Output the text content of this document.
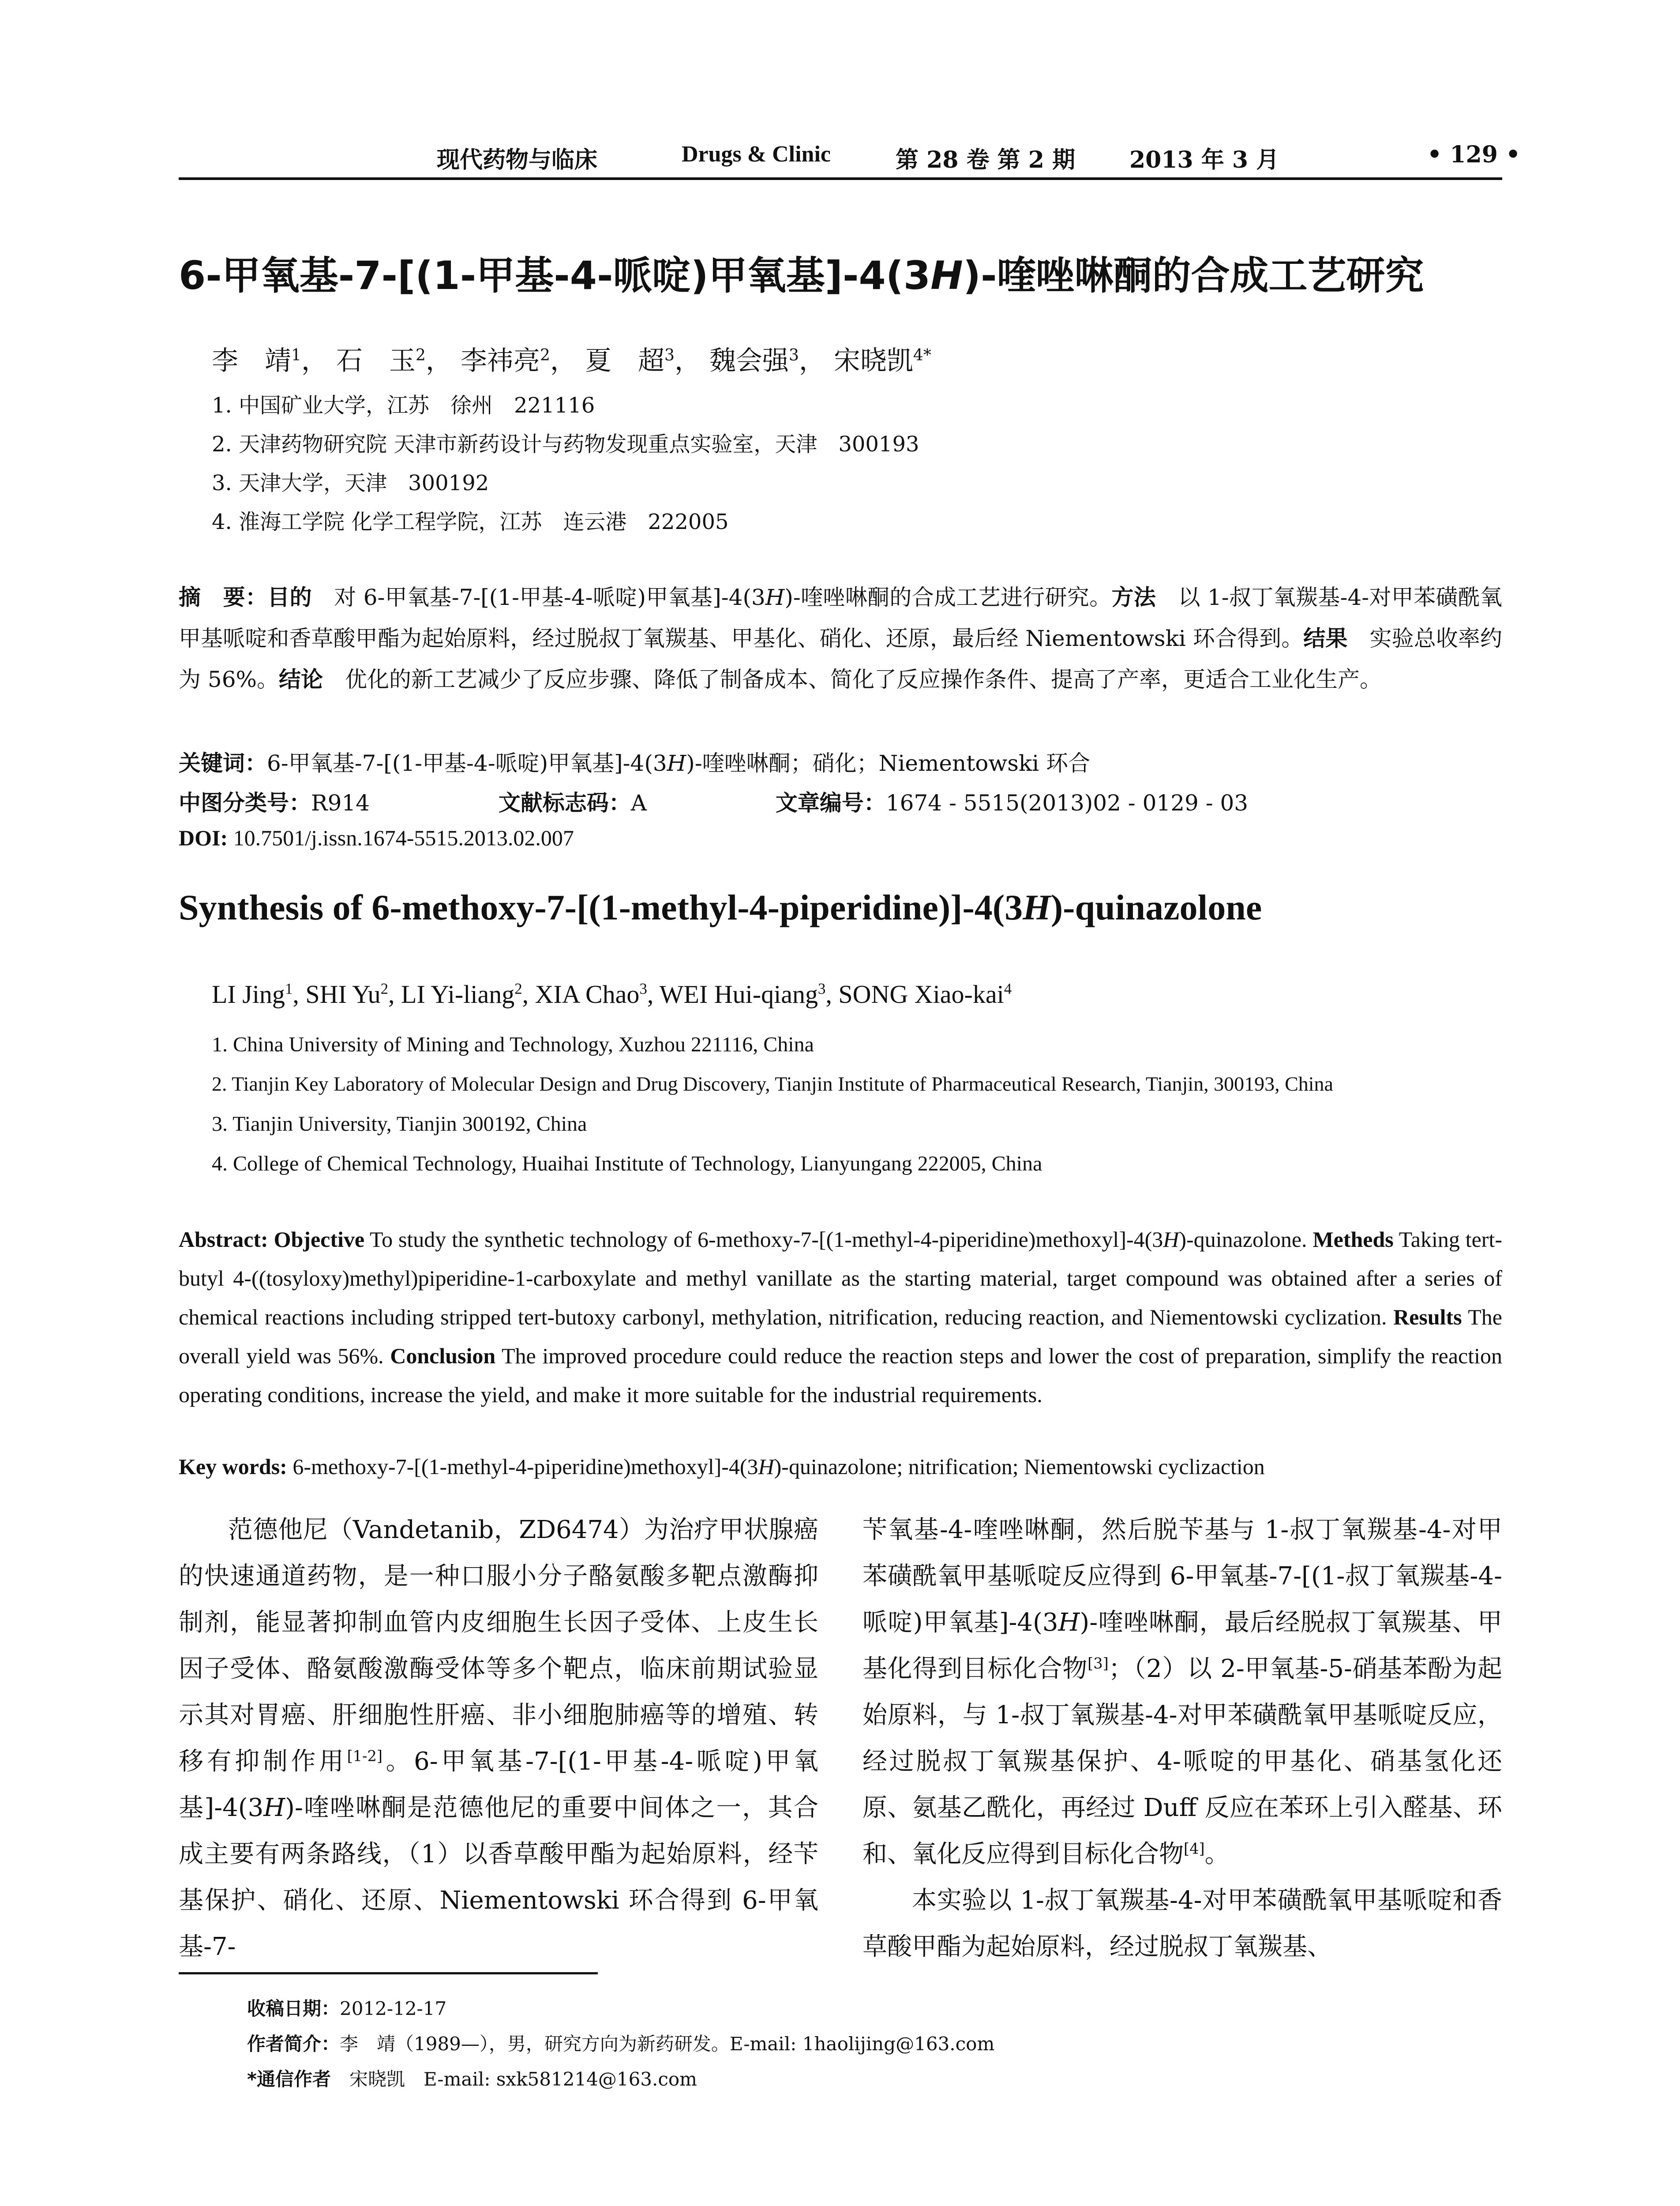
现代药物与临床	Drugs & Clinic	第 28 卷 第 2 期 2013 年 3 月	• 129 •
6-甲氧基-7-[(1-甲基-4-哌啶)甲氧基]-4(3H)-喹唑啉酮的合成工艺研究
李　靖$^1$， 石　玉$^2$， 李祎亮$^2$， 夏　超$^3$， 魏会强$^3$， 宋晓凯$^{4*}$
1. 中国矿业大学，江苏　徐州　221116
2. 天津药物研究院 天津市新药设计与药物发现重点实验室，天津　300193
3. 天津大学，天津　300192
4. 淮海工学院 化学工程学院，江苏　连云港　222005
摘　要：目的　对 6-甲氧基-7-[(1-甲基-4-哌啶)甲氧基]-4(3H)-喹唑啉酮的合成工艺进行研究。方法　以 1-叔丁氧羰基-4-对甲苯磺酰氧甲基哌啶和香草酸甲酯为起始原料，经过脱叔丁氧羰基、甲基化、硝化、还原，最后经 Niementowski 环合得到。结果　实验总收率约为 56%。结论　优化的新工艺减少了反应步骤、降低了制备成本、简化了反应操作条件、提高了产率，更适合工业化生产。
关键词：6-甲氧基-7-[(1-甲基-4-哌啶)甲氧基]-4(3H)-喹唑啉酮；硝化；Niementowski 环合
中图分类号：R914	文献标志码：A	文章编号：1674 - 5515(2013)02 - 0129 - 03
DOI: 10.7501/j.issn.1674-5515.2013.02.007
Synthesis of 6-methoxy-7-[(1-methyl-4-piperidine)]-4(3H)-quinazolone
LI Jing$^1$, SHI Yu$^2$, LI Yi-liang$^2$, XIA Chao$^3$, WEI Hui-qiang$^3$, SONG Xiao-kai$^4$
1. China University of Mining and Technology, Xuzhou 221116, China
2. Tianjin Key Laboratory of Molecular Design and Drug Discovery, Tianjin Institute of Pharmaceutical Research, Tianjin, 300193, China
3. Tianjin University, Tianjin 300192, China
4. College of Chemical Technology, Huaihai Institute of Technology, Lianyungang 222005, China
Abstract: Objective To study the synthetic technology of 6-methoxy-7-[(1-methyl-4-piperidine)methoxyl]-4(3H)-quinazolone. Metheds Taking tert-butyl 4-((tosyloxy)methyl)piperidine-1-carboxylate and methyl vanillate as the starting material, target compound was obtained after a series of chemical reactions including stripped tert-butoxy carbonyl, methylation, nitrification, reducing reaction, and Niementowski cyclization. Results The overall yield was 56%. Conclusion The improved procedure could reduce the reaction steps and lower the cost of preparation, simplify the reaction operating conditions, increase the yield, and make it more suitable for the industrial requirements.
Key words: 6-methoxy-7-[(1-methyl-4-piperidine)methoxyl]-4(3H)-quinazolone; nitrification; Niementowski cyclizaction

范德他尼（Vandetanib，ZD6474）为治疗甲状腺癌的快速通道药物，是一种口服小分子酪氨酸多靶点激酶抑制剂，能显著抑制血管内皮细胞生长因子受体、上皮生长因子受体、酪氨酸激酶受体等多个靶点，临床前期试验显示其对胃癌、肝细胞性肝癌、非小细胞肺癌等的增殖、转移有抑制作用[1-2]。6-甲氧基-7-[(1-甲基-4-哌啶)甲氧基]-4(3H)-喹唑啉酮是范德他尼的重要中间体之一，其合成主要有两条路线，（1）以香草酸甲酯为起始原料，经苄基保护、硝化、还原、Niementowski 环合得到 6-甲氧基-7-

苄氧基-4-喹唑啉酮，然后脱苄基与 1-叔丁氧羰基-4-对甲苯磺酰氧甲基哌啶反应得到 6-甲氧基-7-[(1-叔丁氧羰基-4-哌啶)甲氧基]-4(3H)-喹唑啉酮，最后经脱叔丁氧羰基、甲基化得到目标化合物[3]；（2）以 2-甲氧基-5-硝基苯酚为起始原料，与 1-叔丁氧羰基-4-对甲苯磺酰氧甲基哌啶反应，经过脱叔丁氧羰基保护、4-哌啶的甲基化、硝基氢化还原、氨基乙酰化，再经过 Duff 反应在苯环上引入醛基、环和、氧化反应得到目标化合物[4]。

本实验以 1-叔丁氧羰基-4-对甲苯磺酰氧甲基哌啶和香草酸甲酯为起始原料，经过脱叔丁氧羰基、

收稿日期：2012-12-17
作者简介：李　靖（1989—），男，研究方向为新药研发。E-mail: 1haolijing@163.com
*通信作者　宋晓凯　E-mail: sxk581214@163.com
